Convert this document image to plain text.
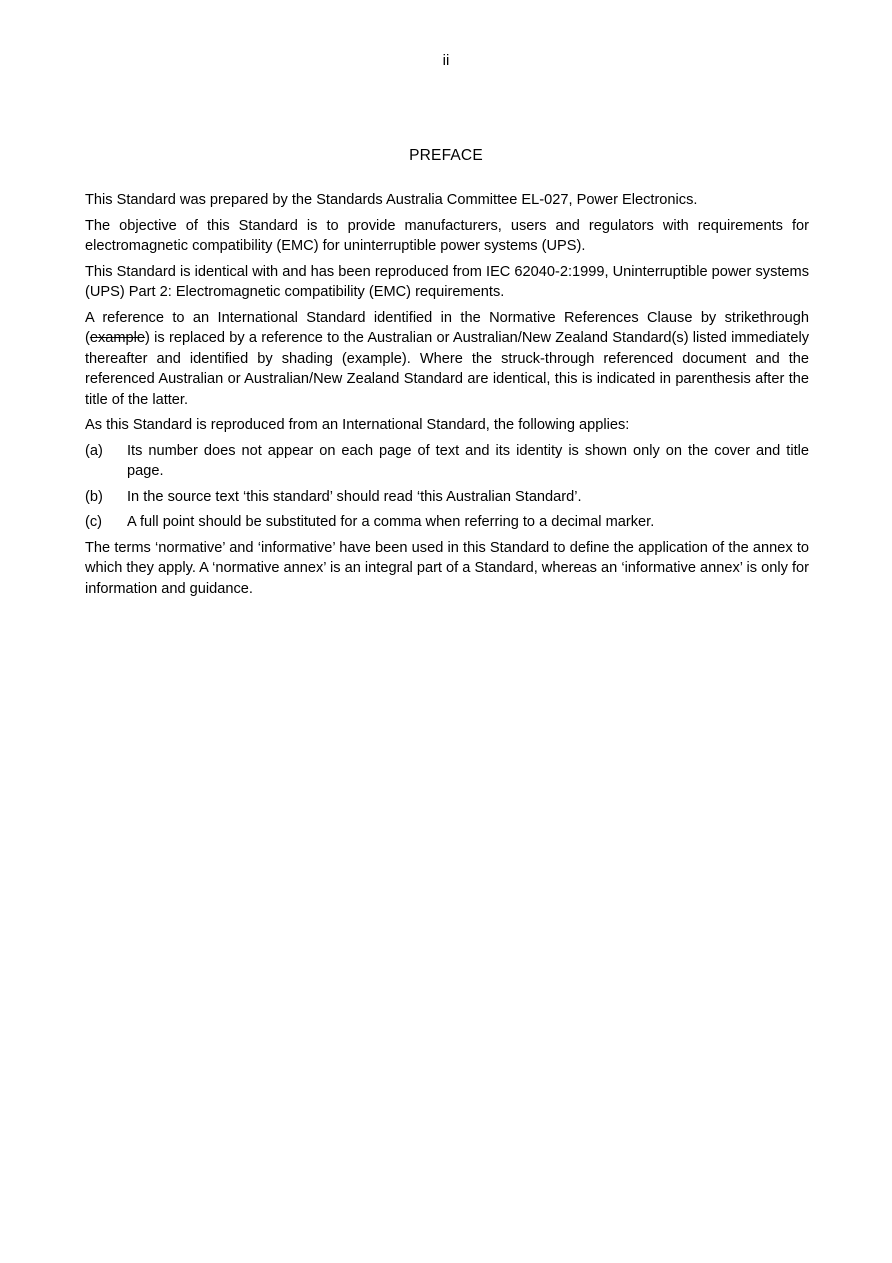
ii
PREFACE

This Standard was prepared by the Standards Australia Committee EL-027, Power Electronics.

The objective of this Standard is to provide manufacturers, users and regulators with requirements for electromagnetic compatibility (EMC) for uninterruptible power systems (UPS).

This Standard is identical with and has been reproduced from IEC 62040-2:1999, Uninterruptible power systems (UPS) Part 2: Electromagnetic compatibility (EMC) requirements.

A reference to an International Standard identified in the Normative References Clause by strikethrough (example) is replaced by a reference to the Australian or Australian/New Zealand Standard(s) listed immediately thereafter and identified by shading (example). Where the struck-through referenced document and the referenced Australian or Australian/New Zealand Standard are identical, this is indicated in parenthesis after the title of the latter.

As this Standard is reproduced from an International Standard, the following applies:

(a)	Its number does not appear on each page of text and its identity is shown only on the cover and title page.
(b)	In the source text ‘this standard’ should read ‘this Australian Standard’.
(c)	A full point should be substituted for a comma when referring to a decimal marker.

The terms ‘normative’ and ‘informative’ have been used in this Standard to define the application of the annex to which they apply. A ‘normative annex’ is an integral part of a Standard, whereas an ‘informative annex’ is only for information and guidance.
